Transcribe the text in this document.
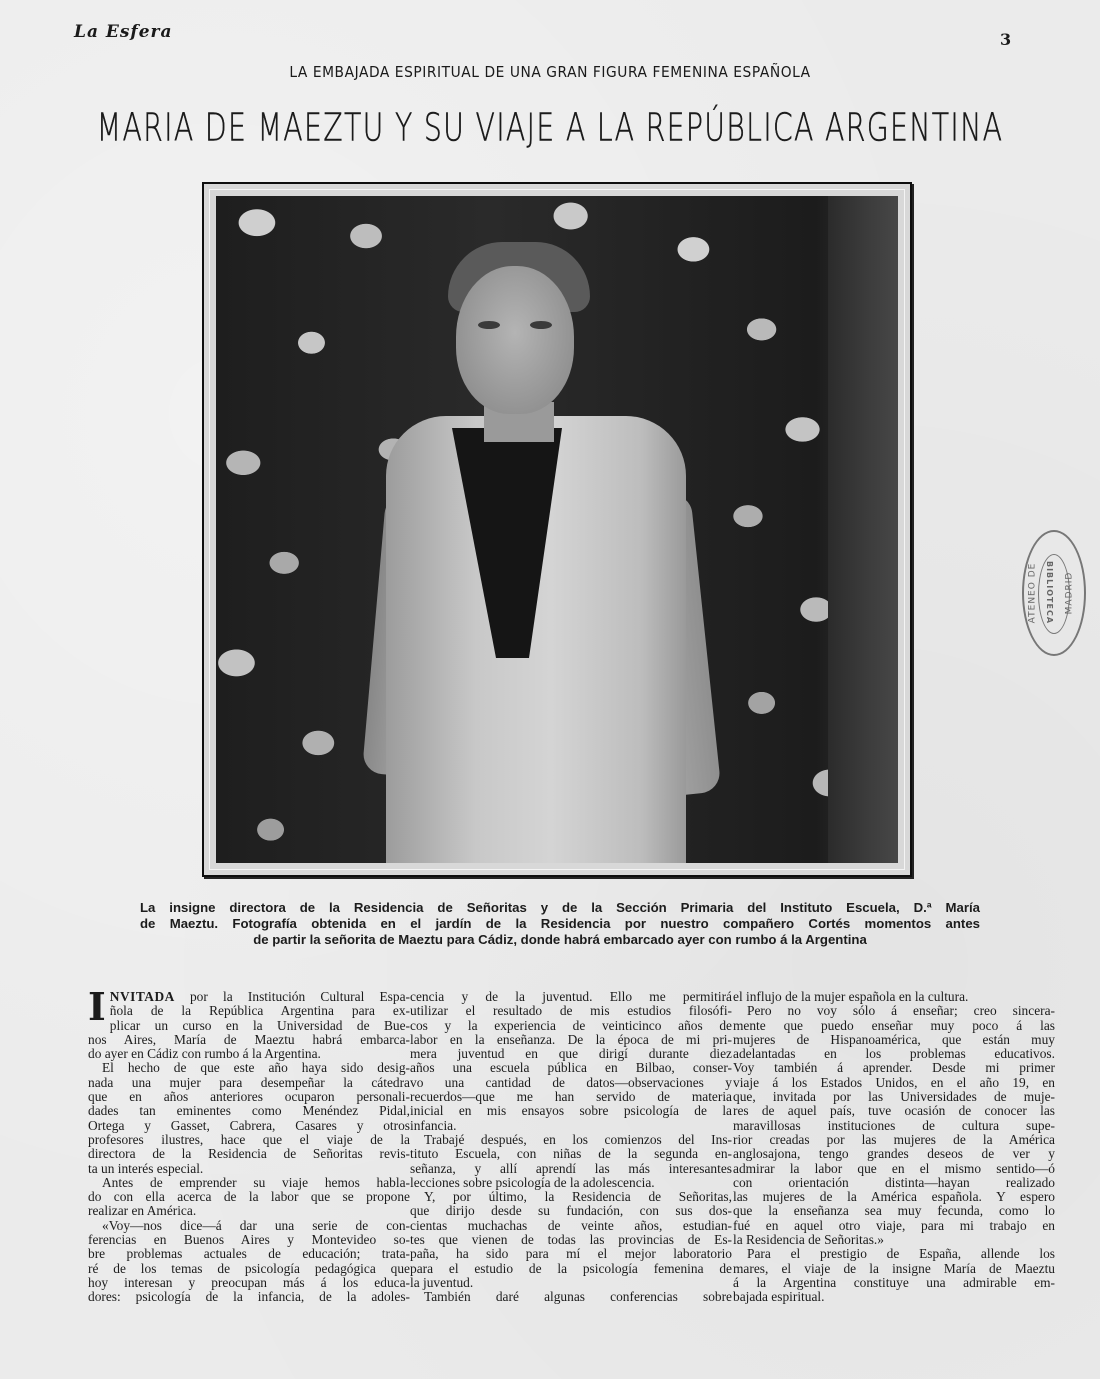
La Esfera	3
LA EMBAJADA ESPIRITUAL DE UNA GRAN FIGURA FEMENINA ESPAÑOLA
MARIA DE MAEZTU Y SU VIAJE A LA REPÚBLICA ARGENTINA
ATENEO DE BIBLIOTECA MADRID
La insigne directora de la Residencia de Señoritas y de la Sección Primaria del Instituto Escuela, D.ª María
de Maeztu. Fotografía obtenida en el jardín de la Residencia por nuestro compañero Cortés momentos antes
de partir la señorita de Maeztu para Cádiz, donde habrá embarcado ayer con rumbo á la Argentina
I NVITADA por la Institución Cultural Espa-
ñola de la República Argentina para ex-
plicar un curso en la Universidad de Bue-
nos Aires, María de Maeztu habrá embarca-
do ayer en Cádiz con rumbo á la Argentina.
El hecho de que este año haya sido desig-
nada una mujer para desempeñar la cátedra
que en años anteriores ocuparon personali-
dades tan eminentes como Menéndez Pidal,
Ortega y Gasset, Cabrera, Casares y otros
profesores ilustres, hace que el viaje de la
directora de la Residencia de Señoritas revis-
ta un interés especial.
Antes de emprender su viaje hemos habla-
do con ella acerca de la labor que se propone
realizar en América.
«Voy—nos dice—á dar una serie de con-
ferencias en Buenos Aires y Montevideo so-
bre problemas actuales de educación; trata-
ré de los temas de psicología pedagógica que
hoy interesan y preocupan más á los educa-
dores: psicología de la infancia, de la adoles-
cencia y de la juventud. Ello me permitirá
utilizar el resultado de mis estudios filosófi-
cos y la experiencia de veinticinco años de
labor en la enseñanza. De la época de mi pri-
mera juventud en que dirigí durante diez
años una escuela pública en Bilbao, conser-
vo una cantidad de datos—observaciones y
recuerdos—que me han servido de materia
inicial en mis ensayos sobre psicología de la
infancia.
Trabajé después, en los comienzos del Ins-
tituto Escuela, con niñas de la segunda en-
señanza, y allí aprendí las más interesantes
lecciones sobre psicología de la adolescencia.
Y, por último, la Residencia de Señoritas,
que dirijo desde su fundación, con sus dos-
cientas muchachas de veinte años, estudian-
tes que vienen de todas las provincias de Es-
paña, ha sido para mí el mejor laboratorio
para el estudio de la psicología femenina de
la juventud.
También daré algunas conferencias sobre
el influjo de la mujer española en la cultura.
Pero no voy sólo á enseñar; creo sincera-
mente que puedo enseñar muy poco á las
mujeres de Hispanoamérica, que están muy
adelantadas en los problemas educativos.
Voy también á aprender. Desde mi primer
viaje á los Estados Unidos, en el año 19, en
que, invitada por las Universidades de muje-
res de aquel país, tuve ocasión de conocer las
maravillosas instituciones de cultura supe-
rior creadas por las mujeres de la América
anglosajona, tengo grandes deseos de ver y
admirar la labor que en el mismo sentido—ó
con orientación distinta—hayan realizado
las mujeres de la América española. Y espero
que la enseñanza sea muy fecunda, como lo
fué en aquel otro viaje, para mi trabajo en
la Residencia de Señoritas.»
Para el prestigio de España, allende los
mares, el viaje de la insigne María de Maeztu
á la Argentina constituye una admirable em-
bajada espiritual.
